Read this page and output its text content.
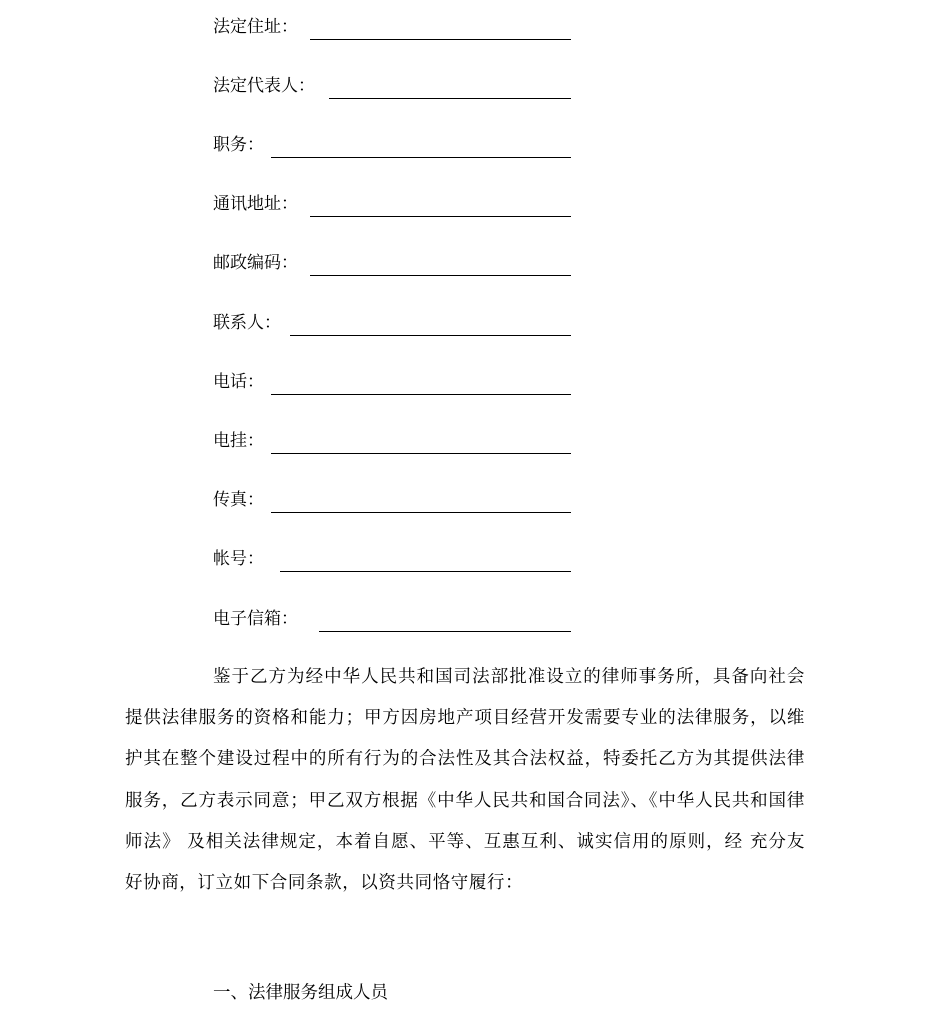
法定住址：
法定代表人：
职务：
通讯地址：
邮政编码：
联系人：
电话：
电挂：
传真：
帐号：
电子信箱：

鉴于乙方为经中华人民共和国司法部批准设立的律师事务所，具备向社会提供法律服务的资格和能力；甲方因房地产项目经营开发需要专业的法律服务，以维护其在整个建设过程中的所有行为的合法性及其合法权益，特委托乙方为其提供法律服务，乙方表示同意；甲乙双方根据《中华人民共和国合同法》、《中华人民共和国律师法》 及相关法律规定，本着自愿、平等、互惠互利、诚实信用的原则，经 充分友好协商，订立如下合同条款，以资共同恪守履行：

一、法律服务组成人员
